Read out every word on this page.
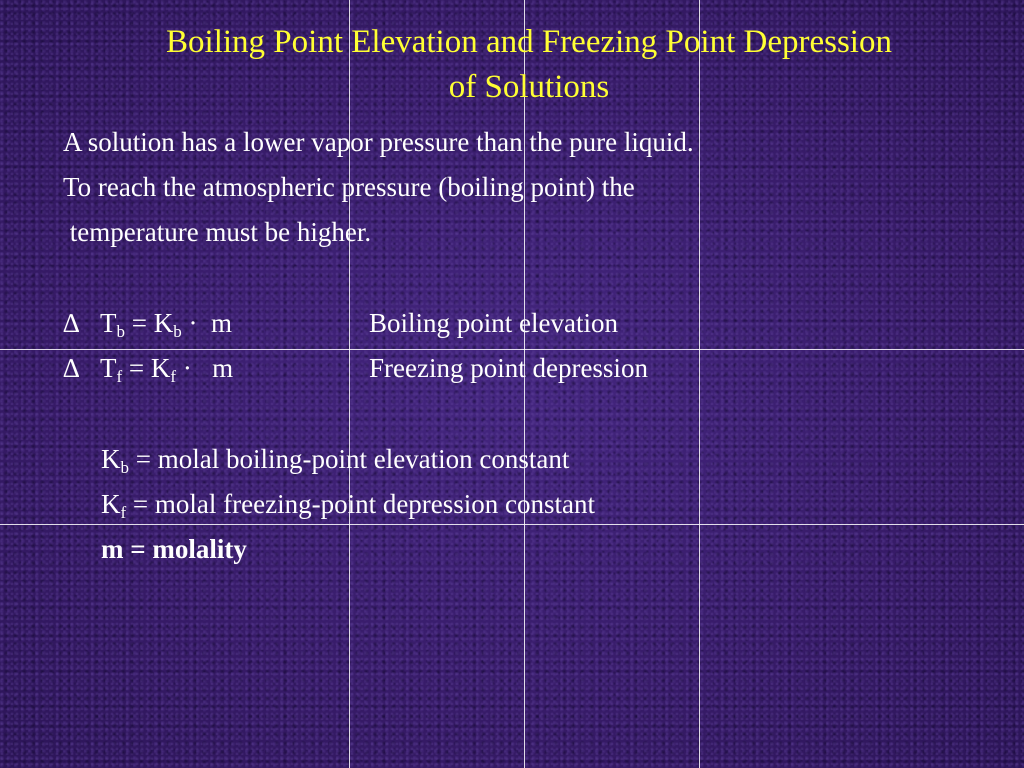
Boiling Point Elevation and Freezing Point Depression
of Solutions

A solution has a lower vapor pressure than the pure liquid.

To reach the atmospheric pressure (boiling point) the

temperature must be higher.

∆ $T_b = K_b \cdot m$	Boiling point elevation
∆ $T_f = K_f \cdot m$	Freezing point depression
$K_b$ = molal boiling-point elevation constant
$K_f$ = molal freezing-point depression constant
m = molality
